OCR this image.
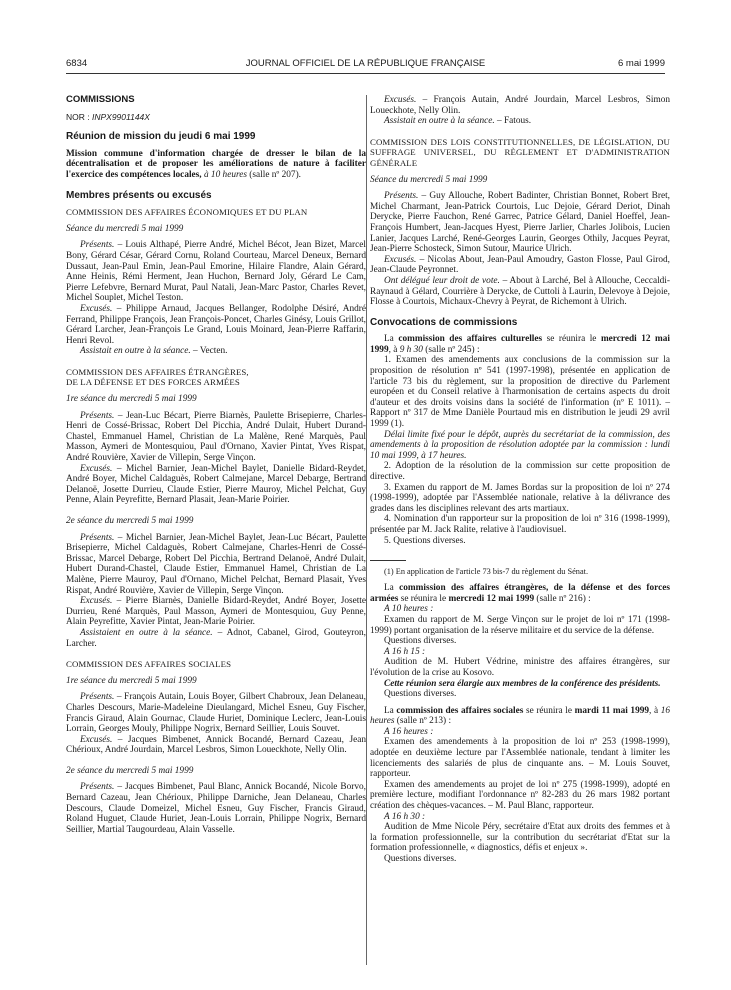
6834	JOURNAL OFFICIEL DE LA RÉPUBLIQUE FRANÇAISE	6 mai 1999

COMMISSIONS

NOR : INPX9901144X

Réunion de mission du jeudi 6 mai 1999

Mission commune d'information chargée de dresser le bilan de la décentralisation et de proposer les améliorations de nature à faciliter l'exercice des compétences locales, à 10 heures (salle nº 207).

Membres présents ou excusés

COMMISSION DES AFFAIRES ÉCONOMIQUES ET DU PLAN

Séance du mercredi 5 mai 1999

Présents. – Louis Althapé, Pierre André, Michel Bécot, Jean Bizet, Marcel Bony, Gérard César, Gérard Cornu, Roland Courteau, Marcel Deneux, Bernard Dussaut, Jean-Paul Emin, Jean-Paul Emorine, Hilaire Flandre, Alain Gérard, Anne Heinis, Rémi Herment, Jean Huchon, Bernard Joly, Gérard Le Cam, Pierre Lefebvre, Bernard Murat, Paul Natali, Jean-Marc Pastor, Charles Revet, Michel Souplet, Michel Teston.

Excusés. – Philippe Arnaud, Jacques Bellanger, Rodolphe Désiré, André Ferrand, Philippe François, Jean François-Poncet, Charles Ginésy, Louis Grillot, Gérard Larcher, Jean-François Le Grand, Louis Moinard, Jean-Pierre Raffarin, Henri Revol.

Assistait en outre à la séance. – Vecten.

COMMISSION DES AFFAIRES ÉTRANGÈRES,

DE LA DÉFENSE ET DES FORCES ARMÉES

1re séance du mercredi 5 mai 1999

Présents. – Jean-Luc Bécart, Pierre Biarnès, Paulette Brisepierre, Charles-Henri de Cossé-Brissac, Robert Del Picchia, André Dulait, Hubert Durand-Chastel, Emmanuel Hamel, Christian de La Malène, René Marquès, Paul Masson, Aymeri de Montesquiou, Paul d'Ornano, Xavier Pintat, Yves Rispat, André Rouvière, Xavier de Villepin, Serge Vinçon.

Excusés. – Michel Barnier, Jean-Michel Baylet, Danielle Bidard-Reydet, André Boyer, Michel Caldaguès, Robert Calmejane, Marcel Debarge, Bertrand Delanoë, Josette Durrieu, Claude Estier, Pierre Mauroy, Michel Pelchat, Guy Penne, Alain Peyrefitte, Bernard Plasait, Jean-Marie Poirier.

2e séance du mercredi 5 mai 1999

Présents. – Michel Barnier, Jean-Michel Baylet, Jean-Luc Bécart, Paulette Brisepierre, Michel Caldaguès, Robert Calmejane, Charles-Henri de Cossé-Brissac, Marcel Debarge, Robert Del Picchia, Bertrand Delanoë, André Dulait, Hubert Durand-Chastel, Claude Estier, Emmanuel Hamel, Christian de La Malène, Pierre Mauroy, Paul d'Ornano, Michel Pelchat, Bernard Plasait, Yves Rispat, André Rouvière, Xavier de Villepin, Serge Vinçon.

Excusés. – Pierre Biarnès, Danielle Bidard-Reydet, André Boyer, Josette Durrieu, René Marquès, Paul Masson, Aymeri de Montesquiou, Guy Penne, Alain Peyrefitte, Xavier Pintat, Jean-Marie Poirier.

Assistaient en outre à la séance. – Adnot, Cabanel, Girod, Gouteyron, Larcher.

COMMISSION DES AFFAIRES SOCIALES

1re séance du mercredi 5 mai 1999

Présents. – François Autain, Louis Boyer, Gilbert Chabroux, Jean Delaneau, Charles Descours, Marie-Madeleine Dieulangard, Michel Esneu, Guy Fischer, Francis Giraud, Alain Gournac, Claude Huriet, Dominique Leclerc, Jean-Louis Lorrain, Georges Mouly, Philippe Nogrix, Bernard Seillier, Louis Souvet.

Excusés. – Jacques Bimbenet, Annick Bocandé, Bernard Cazeau, Jean Chérioux, André Jourdain, Marcel Lesbros, Simon Loueckhote, Nelly Olin.

2e séance du mercredi 5 mai 1999

Présents. – Jacques Bimbenet, Paul Blanc, Annick Bocandé, Nicole Borvo, Bernard Cazeau, Jean Chérioux, Philippe Darniche, Jean Delaneau, Charles Descours, Claude Domeizel, Michel Esneu, Guy Fischer, Francis Giraud, Roland Huguet, Claude Huriet, Jean-Louis Lorrain, Philippe Nogrix, Bernard Seillier, Martial Taugourdeau, Alain Vasselle.

Excusés. – François Autain, André Jourdain, Marcel Lesbros, Simon Loueckhote, Nelly Olin.

Assistait en outre à la séance. – Fatous.

COMMISSION DES LOIS CONSTITUTIONNELLES, DE LÉGISLATION, DU SUFFRAGE UNIVERSEL, DU RÈGLEMENT ET D'ADMINISTRATION GÉNÉRALE

Séance du mercredi 5 mai 1999

Présents. – Guy Allouche, Robert Badinter, Christian Bonnet, Robert Bret, Michel Charmant, Jean-Patrick Courtois, Luc Dejoie, Gérard Deriot, Dinah Derycke, Pierre Fauchon, René Garrec, Patrice Gélard, Daniel Hoeffel, Jean-François Humbert, Jean-Jacques Hyest, Pierre Jarlier, Charles Jolibois, Lucien Lanier, Jacques Larché, René-Georges Laurin, Georges Othily, Jacques Peyrat, Jean-Pierre Schosteck, Simon Sutour, Maurice Ulrich.

Excusés. – Nicolas About, Jean-Paul Amoudry, Gaston Flosse, Paul Girod, Jean-Claude Peyronnet.

Ont délégué leur droit de vote. – About à Larché, Bel à Allouche, Ceccaldi-Raynaud à Gélard, Courrière à Derycke, de Cuttoli à Laurin, Delevoye à Dejoie, Flosse à Courtois, Michaux-Chevry à Peyrat, de Richemont à Ulrich.

Convocations de commissions

La commission des affaires culturelles se réunira le mercredi 12 mai 1999, à 9 h 30 (salle nº 245) :

1. Examen des amendements aux conclusions de la commission sur la proposition de résolution nº 541 (1997-1998), présentée en application de l'article 73 bis du règlement, sur la proposition de directive du Parlement européen et du Conseil relative à l'harmonisation de certains aspects du droit d'auteur et des droits voisins dans la société de l'information (nº E 1011). – Rapport nº 317 de Mme Danièle Pourtaud mis en distribution le jeudi 29 avril 1999 (1).

Délai limite fixé pour le dépôt, auprès du secrétariat de la commission, des amendements à la proposition de résolution adoptée par la commission : lundi 10 mai 1999, à 17 heures.

2. Adoption de la résolution de la commission sur cette proposition de directive.

3. Examen du rapport de M. James Bordas sur la proposition de loi nº 274 (1998-1999), adoptée par l'Assemblée nationale, relative à la délivrance des grades dans les disciplines relevant des arts martiaux.

4. Nomination d'un rapporteur sur la proposition de loi nº 316 (1998-1999), présentée par M. Jack Ralite, relative à l'audiovisuel.

5. Questions diverses.

(1) En application de l'article 73 bis-7 du règlement du Sénat.

La commission des affaires étrangères, de la défense et des forces armées se réunira le mercredi 12 mai 1999 (salle nº 216) :

A 10 heures :

Examen du rapport de M. Serge Vinçon sur le projet de loi nº 171 (1998-1999) portant organisation de la réserve militaire et du service de la défense.

Questions diverses.

A 16 h 15 :

Audition de M. Hubert Védrine, ministre des affaires étrangères, sur l'évolution de la crise au Kosovo.

Cette réunion sera élargie aux membres de la conférence des présidents.

Questions diverses.

La commission des affaires sociales se réunira le mardi 11 mai 1999, à 16 heures (salle nº 213) :

A 16 heures :

Examen des amendements à la proposition de loi nº 253 (1998-1999), adoptée en deuxième lecture par l'Assemblée nationale, tendant à limiter les licenciements des salariés de plus de cinquante ans. – M. Louis Souvet, rapporteur.

Examen des amendements au projet de loi nº 275 (1998-1999), adopté en première lecture, modifiant l'ordonnance nº 82-283 du 26 mars 1982 portant création des chèques-vacances. – M. Paul Blanc, rapporteur.

A 16 h 30 :

Audition de Mme Nicole Péry, secrétaire d'Etat aux droits des femmes et à la formation professionnelle, sur la contribution du secrétariat d'Etat sur la formation professionnelle, « diagnostics, défis et enjeux ».

Questions diverses.
